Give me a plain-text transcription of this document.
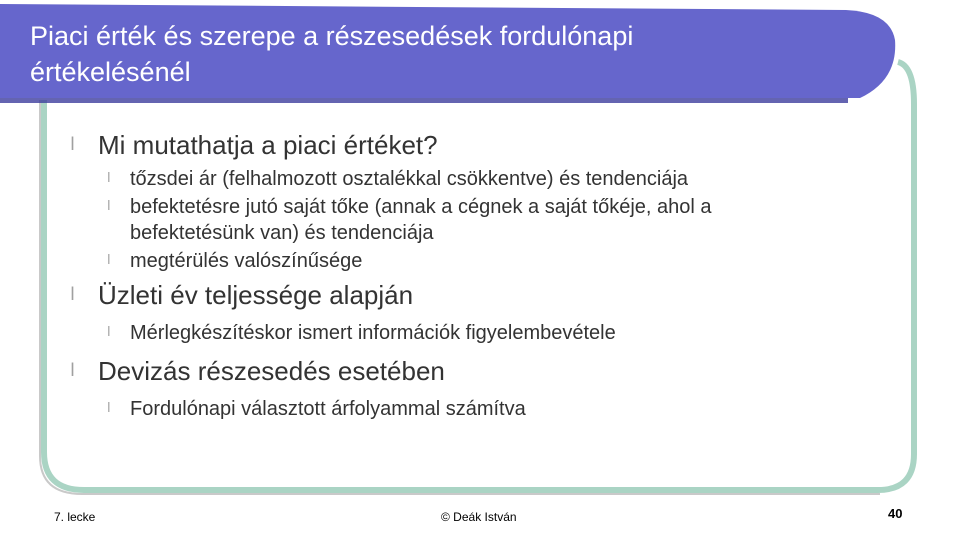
Piaci érték és szerepe a részesedések fordulónapi
értékelésénél
l Mi mutathatja a piaci értéket?
l tőzsdei ár (felhalmozott osztalékkal csökkentve) és tendenciája
l befektetésre jutó saját tőke (annak a cégnek a saját tőkéje, ahol a
befektetésünk van) és tendenciája
l megtérülés valószínűsége
l Üzleti év teljessége alapján
l Mérlegkészítéskor ismert információk figyelembevétele
l Devizás részesedés esetében
l Fordulónapi választott árfolyammal számítva
7. lecke	© Deák István	40
